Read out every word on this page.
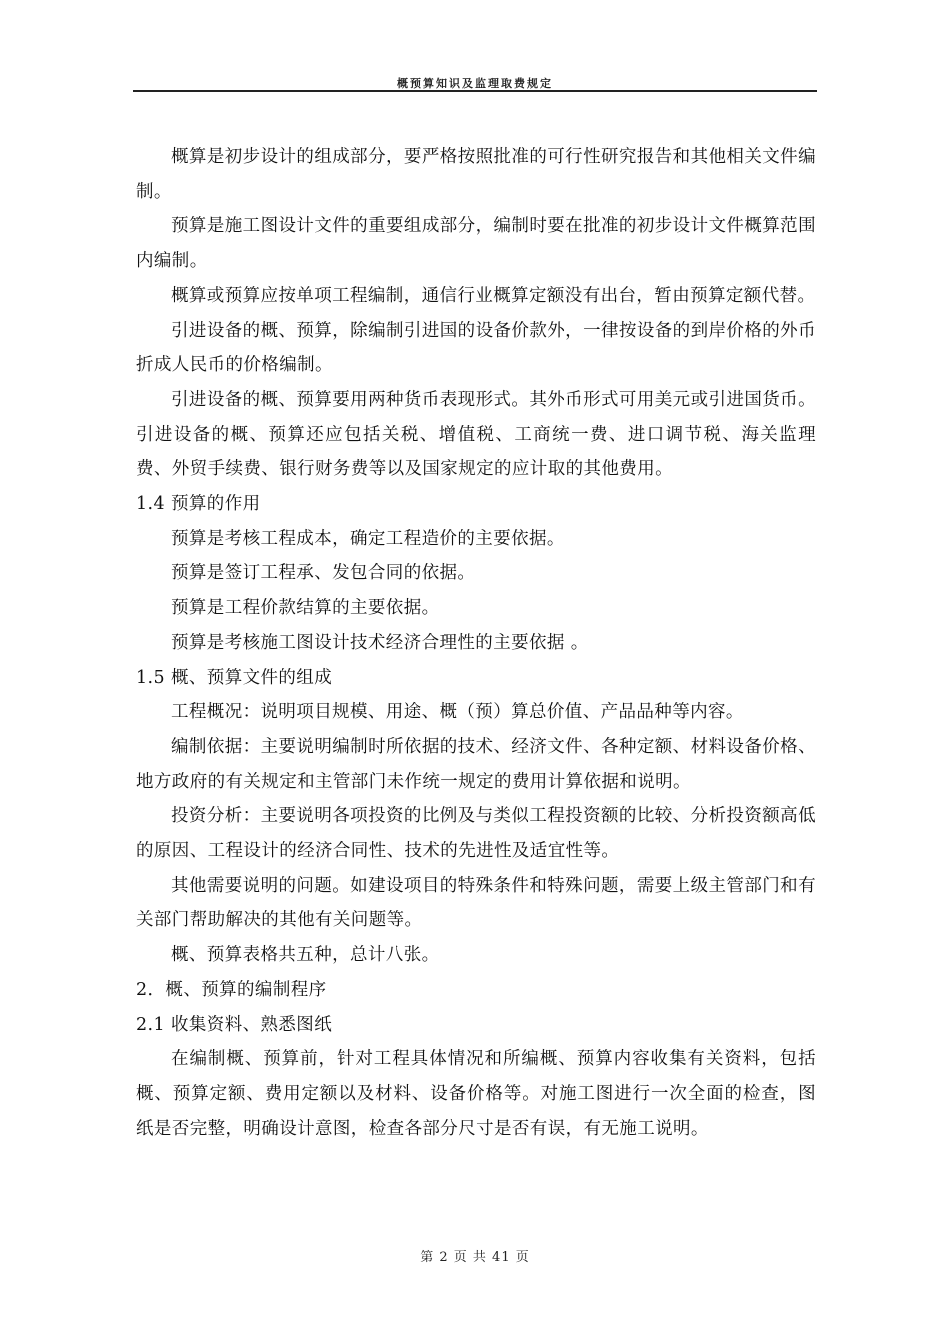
概预算知识及监理取费规定

概算是初步设计的组成部分，要严格按照批准的可行性研究报告和其他相关文件编制。

预算是施工图设计文件的重要组成部分，编制时要在批准的初步设计文件概算范围内编制。

概算或预算应按单项工程编制，通信行业概算定额没有出台，暂由预算定额代替。

引进设备的概、预算，除编制引进国的设备价款外，一律按设备的到岸价格的外币折成人民币的价格编制。

引进设备的概、预算要用两种货币表现形式。其外币形式可用美元或引进国货币。引进设备的概、预算还应包括关税、增值税、工商统一费、进口调节税、海关监理费、外贸手续费、银行财务费等以及国家规定的应计取的其他费用。

1.4 预算的作用

预算是考核工程成本，确定工程造价的主要依据。

预算是签订工程承、发包合同的依据。

预算是工程价款结算的主要依据。

预算是考核施工图设计技术经济合理性的主要依据 。

1.5 概、预算文件的组成

工程概况：说明项目规模、用途、概（预）算总价值、产品品种等内容。

编制依据：主要说明编制时所依据的技术、经济文件、各种定额、材料设备价格、地方政府的有关规定和主管部门未作统一规定的费用计算依据和说明。

投资分析：主要说明各项投资的比例及与类似工程投资额的比较、分析投资额高低的原因、工程设计的经济合同性、技术的先进性及适宜性等。

其他需要说明的问题。如建设项目的特殊条件和特殊问题，需要上级主管部门和有关部门帮助解决的其他有关问题等。

概、预算表格共五种，总计八张。

2．概、预算的编制程序

2.1 收集资料、熟悉图纸

在编制概、预算前，针对工程具体情况和所编概、预算内容收集有关资料，包括概、预算定额、费用定额以及材料、设备价格等。对施工图进行一次全面的检查，图纸是否完整，明确设计意图，检查各部分尺寸是否有误，有无施工说明。

第 2 页 共 41 页
